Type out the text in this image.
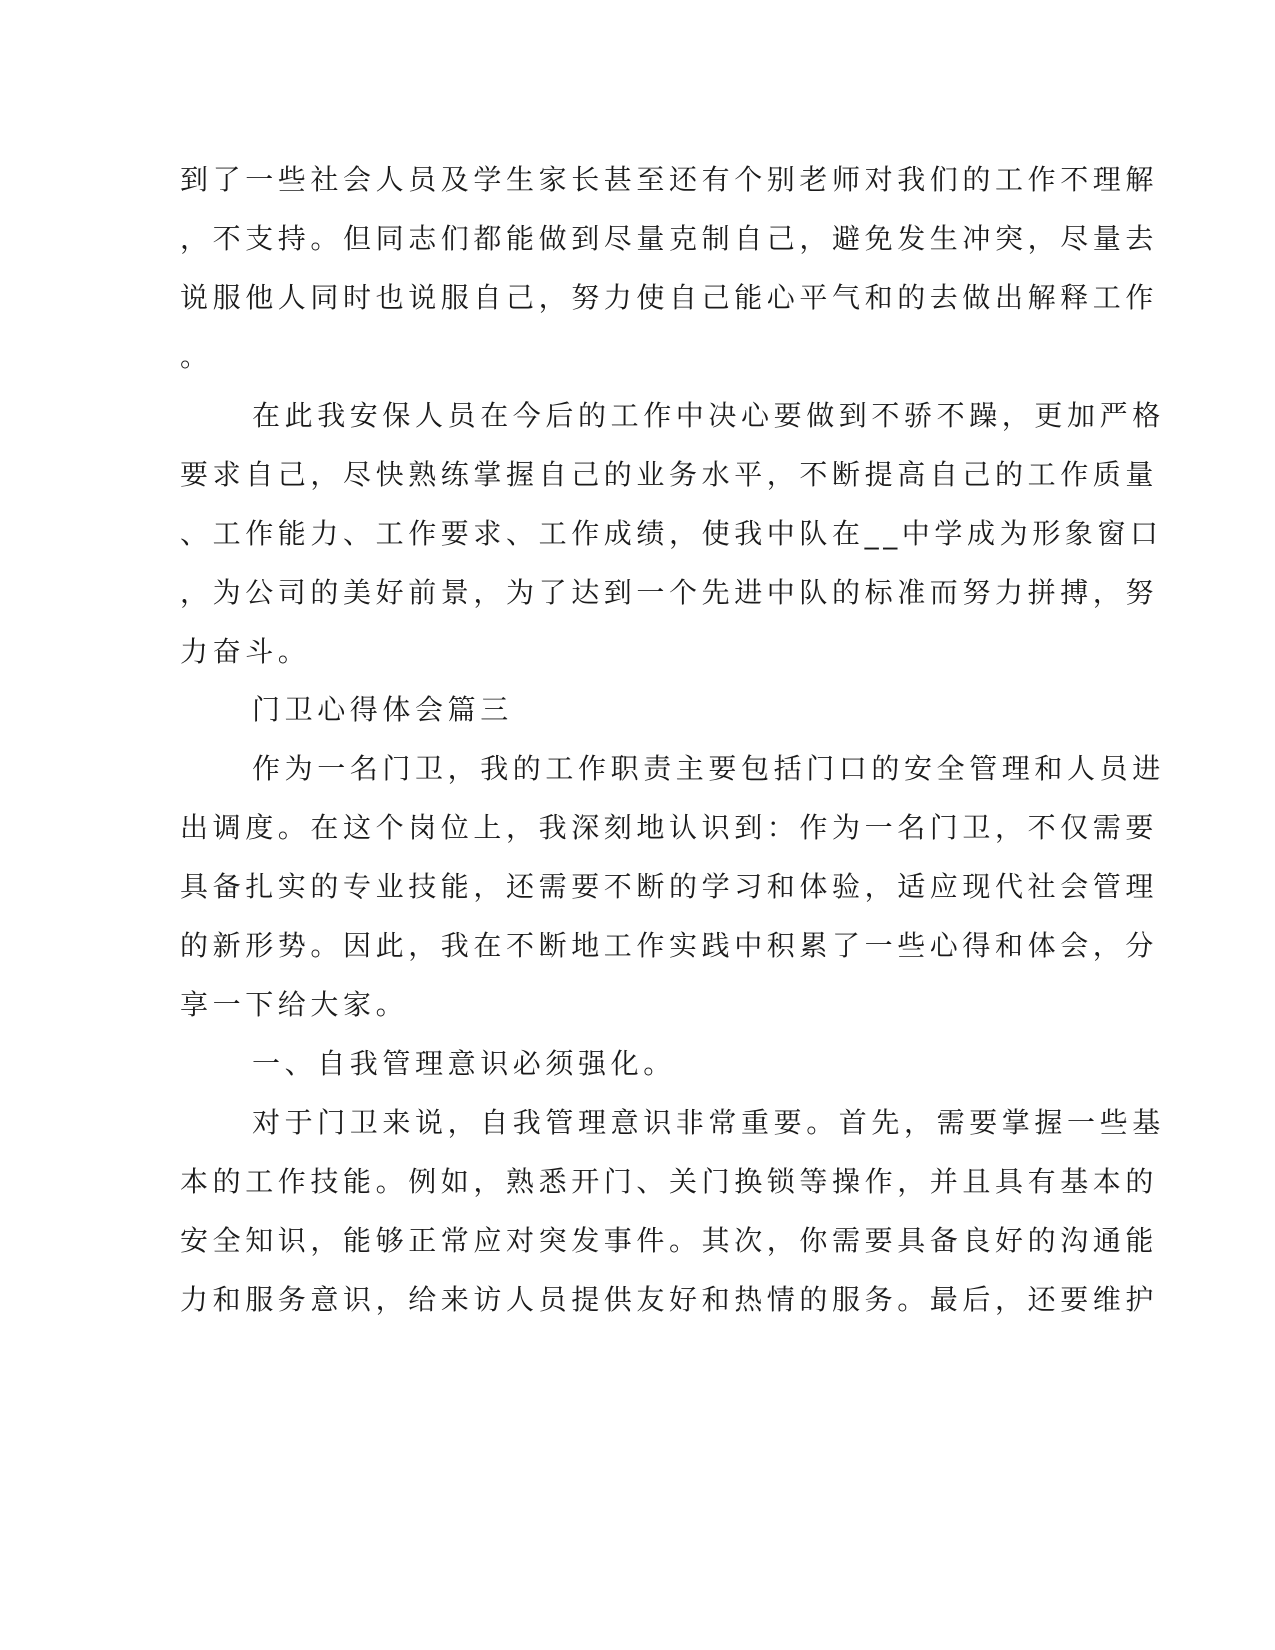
到了一些社会人员及学生家长甚至还有个别老师对我们的工作不理解
，不支持。但同志们都能做到尽量克制自己，避免发生冲突，尽量去
说服他人同时也说服自己，努力使自己能心平气和的去做出解释工作
。
在此我安保人员在今后的工作中决心要做到不骄不躁，更加严格
要求自己，尽快熟练掌握自己的业务水平，不断提高自己的工作质量
、工作能力、工作要求、工作成绩，使我中队在__中学成为形象窗口
，为公司的美好前景，为了达到一个先进中队的标准而努力拼搏，努
力奋斗。
门卫心得体会篇三
作为一名门卫，我的工作职责主要包括门口的安全管理和人员进
出调度。在这个岗位上，我深刻地认识到：作为一名门卫，不仅需要
具备扎实的专业技能，还需要不断的学习和体验，适应现代社会管理
的新形势。因此，我在不断地工作实践中积累了一些心得和体会，分
享一下给大家。
一、自我管理意识必须强化。
对于门卫来说，自我管理意识非常重要。首先，需要掌握一些基
本的工作技能。例如，熟悉开门、关门换锁等操作，并且具有基本的
安全知识，能够正常应对突发事件。其次，你需要具备良好的沟通能
力和服务意识，给来访人员提供友好和热情的服务。最后，还要维护
